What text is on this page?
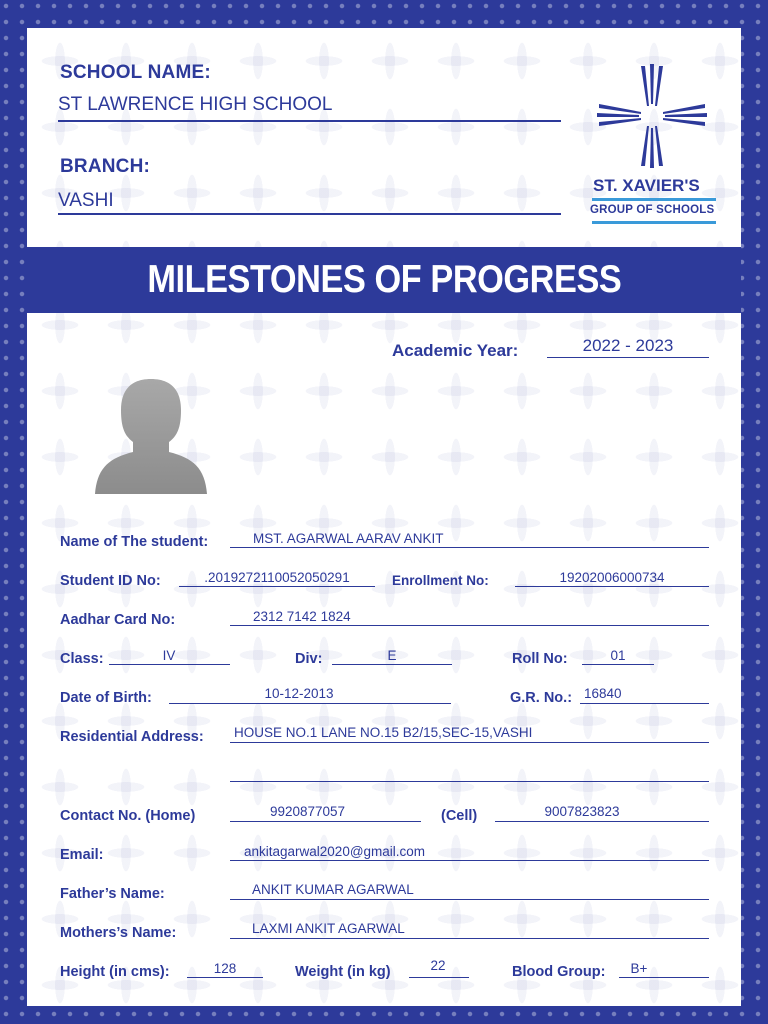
SCHOOL NAME:
ST LAWRENCE HIGH SCHOOL
BRANCH:
VASHI
ST. XAVIER'S
GROUP OF SCHOOLS
MILESTONES OF PROGRESS
Academic Year:	2022 - 2023
Name of The student:	MST. AGARWAL AARAV ANKIT
Student ID No:	.2019272110052050291	Enrollment No:	19202006000734
Aadhar Card No:	2312 7142 1824
Class:	IV	Div:	E	Roll No:	01
Date of Birth:	10-12-2013	G.R. No.: 16840
Residential Address: HOUSE NO.1 LANE NO.15 B2/15,SEC-15,VASHI
Contact No. (Home)	9920877057	(Cell)	9007823823
Email:	ankitagarwal2020@gmail.com
Father’s Name:	ANKIT KUMAR AGARWAL
Mothers’s Name:	LAXMI ANKIT AGARWAL
Height (in cms):	128	Weight (in kg)	22	Blood Group:	B+
